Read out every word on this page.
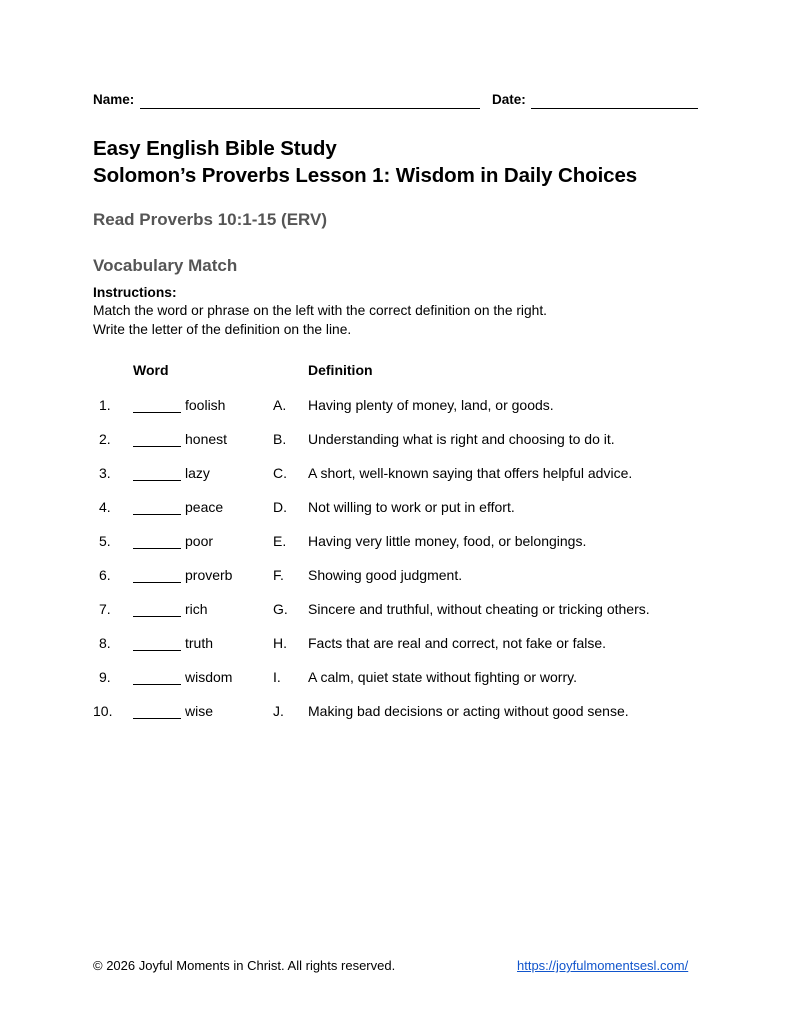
Name:	Date:
Easy English Bible Study
Solomon’s Proverbs Lesson 1: Wisdom in Daily Choices
Read Proverbs 10:1-15 (ERV)
Vocabulary Match
Instructions:
Match the word or phrase on the left with the correct definition on the right.
Write the letter of the definition on the line.
Word	Definition
1.	foolish	A. Having plenty of money, land, or goods.
2.	honest	B. Understanding what is right and choosing to do it.
3.	lazy	C. A short, well-known saying that offers helpful advice.
4.	peace	D. Not willing to work or put in effort.
5.	poor	E. Having very little money, food, or belongings.
6.	proverb	F. Showing good judgment.
7.	rich	G. Sincere and truthful, without cheating or tricking others.
8.	truth	H. Facts that are real and correct, not fake or false.
9.	wisdom	I. A calm, quiet state without fighting or worry.
10.	wise	J. Making bad decisions or acting without good sense.
© 2026 Joyful Moments in Christ. All rights reserved.	https://joyfulmomentsesl.com/
